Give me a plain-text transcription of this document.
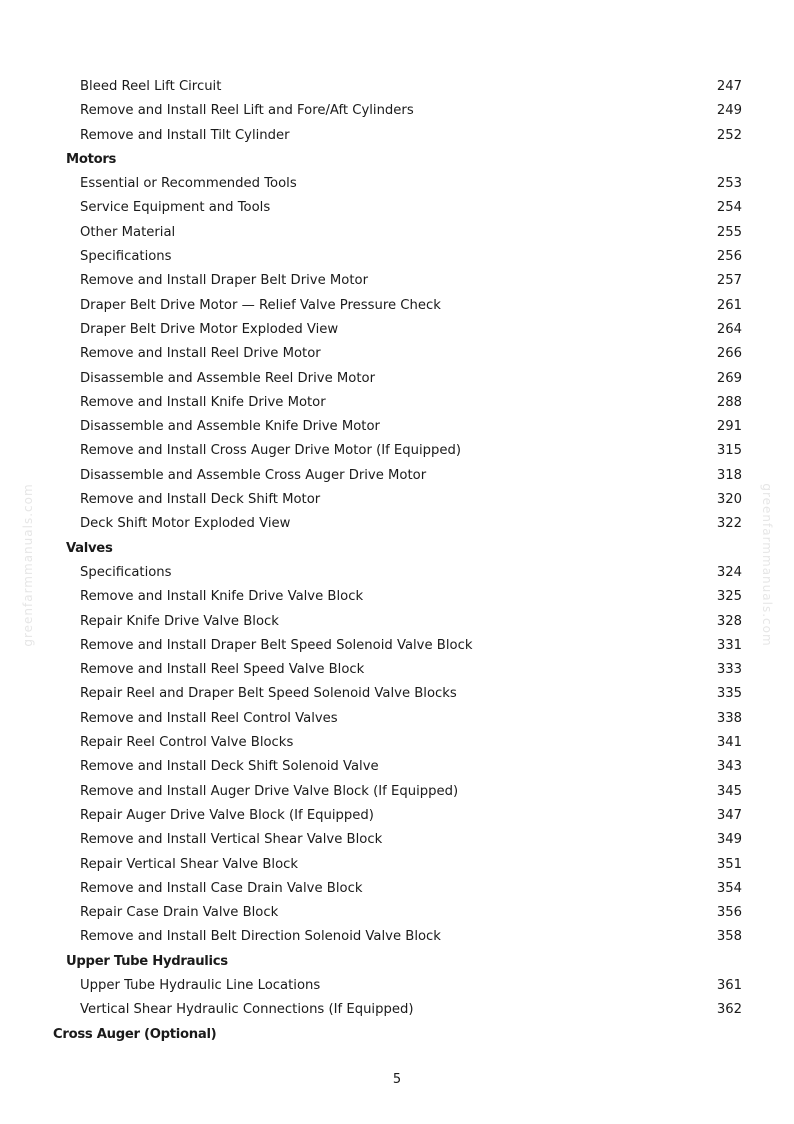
greenfarmmanuals.com	greenfarmmanuals.com
Bleed Reel Lift Circuit	247
Remove and Install Reel Lift and Fore/Aft Cylinders	249
Remove and Install Tilt Cylinder	252
Motors
Essential or Recommended Tools	253
Service Equipment and Tools	254
Other Material	255
Specifications	256
Remove and Install Draper Belt Drive Motor	257
Draper Belt Drive Motor — Relief Valve Pressure Check	261
Draper Belt Drive Motor Exploded View	264
Remove and Install Reel Drive Motor	266
Disassemble and Assemble Reel Drive Motor	269
Remove and Install Knife Drive Motor	288
Disassemble and Assemble Knife Drive Motor	291
Remove and Install Cross Auger Drive Motor (If Equipped)	315
Disassemble and Assemble Cross Auger Drive Motor	318
Remove and Install Deck Shift Motor	320
Deck Shift Motor Exploded View	322
Valves
Specifications	324
Remove and Install Knife Drive Valve Block	325
Repair Knife Drive Valve Block	328
Remove and Install Draper Belt Speed Solenoid Valve Block	331
Remove and Install Reel Speed Valve Block	333
Repair Reel and Draper Belt Speed Solenoid Valve Blocks	335
Remove and Install Reel Control Valves	338
Repair Reel Control Valve Blocks	341
Remove and Install Deck Shift Solenoid Valve	343
Remove and Install Auger Drive Valve Block (If Equipped)	345
Repair Auger Drive Valve Block (If Equipped)	347
Remove and Install Vertical Shear Valve Block	349
Repair Vertical Shear Valve Block	351
Remove and Install Case Drain Valve Block	354
Repair Case Drain Valve Block	356
Remove and Install Belt Direction Solenoid Valve Block	358
Upper Tube Hydraulics
Upper Tube Hydraulic Line Locations	361
Vertical Shear Hydraulic Connections (If Equipped)	362
Cross Auger (Optional)
5
